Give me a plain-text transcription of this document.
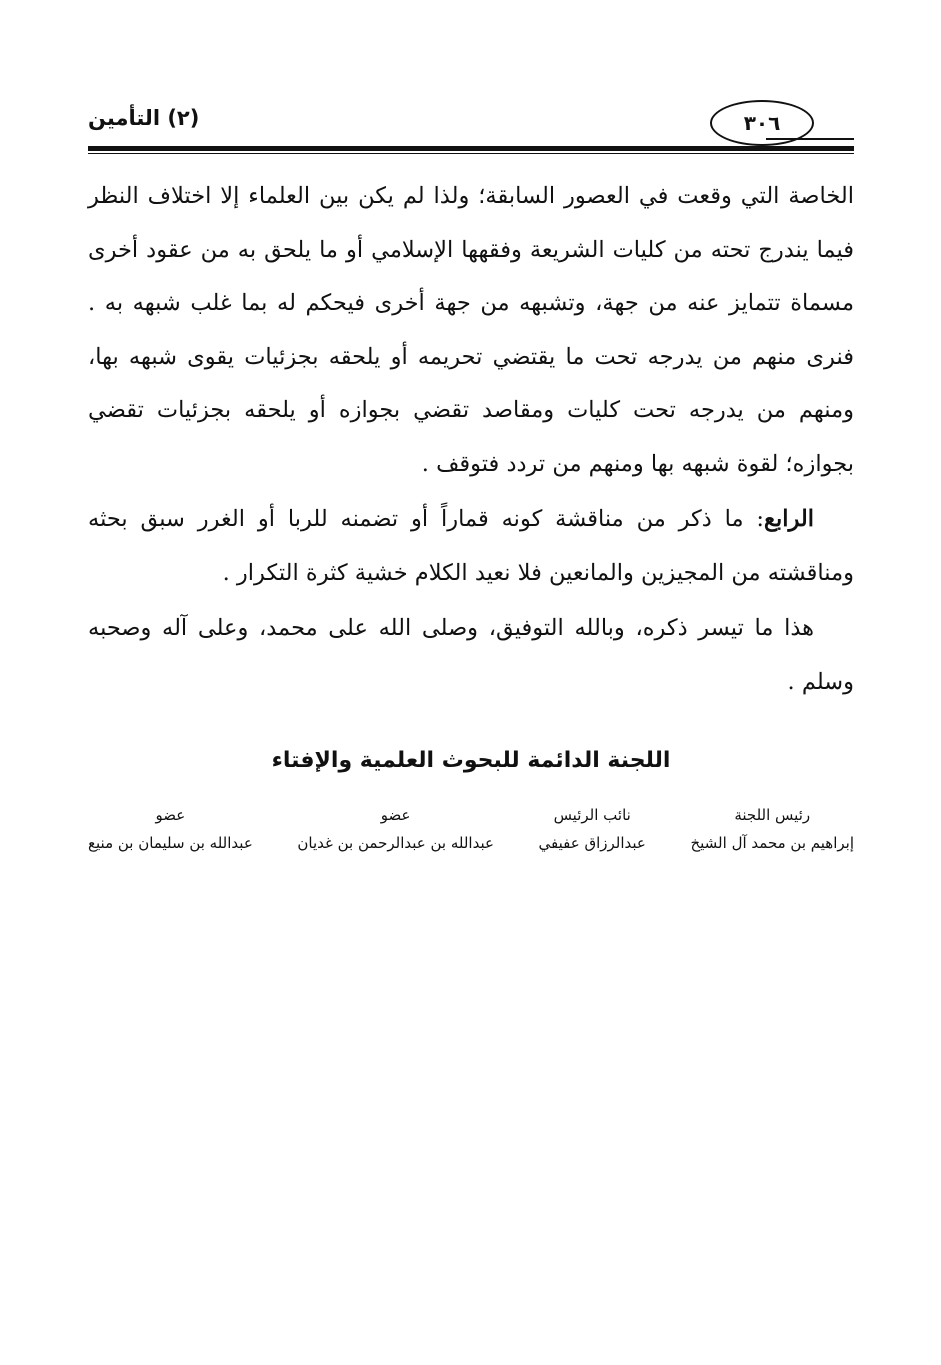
(٢) التأمين	٣٠٦

الخاصة التي وقعت في العصور السابقة؛ ولذا لم يكن بين العلماء إلا اختلاف النظر فيما يندرج تحته من كليات الشريعة وفقهها الإسلامي أو ما يلحق به من عقود أخرى مسماة تتمايز عنه من جهة، وتشبهه من جهة أخرى فيحكم له بما غلب شبهه به . فنرى منهم من يدرجه تحت ما يقتضي تحريمه أو يلحقه بجزئيات يقوى شبهه بها، ومنهم من يدرجه تحت كليات ومقاصد تقضي بجوازه أو يلحقه بجزئيات تقضي بجوازه؛ لقوة شبهه بها ومنهم من تردد فتوقف .

الرابع: ما ذكر من مناقشة كونه قماراً أو تضمنه للربا أو الغرر سبق بحثه ومناقشته من المجيزين والمانعين فلا نعيد الكلام خشية كثرة التكرار .

هذا ما تيسر ذكره، وبالله التوفيق، وصلى الله على محمد، وعلى آله وصحبه وسلم .

اللجنة الدائمة للبحوث العلمية والإفتاء
عضو
عبدالله بن سليمان بن منيع
عضو
عبدالله بن عبدالرحمن بن غديان
نائب الرئيس
عبدالرزاق عفيفي
رئيس اللجنة
إبراهيم بن محمد آل الشيخ
